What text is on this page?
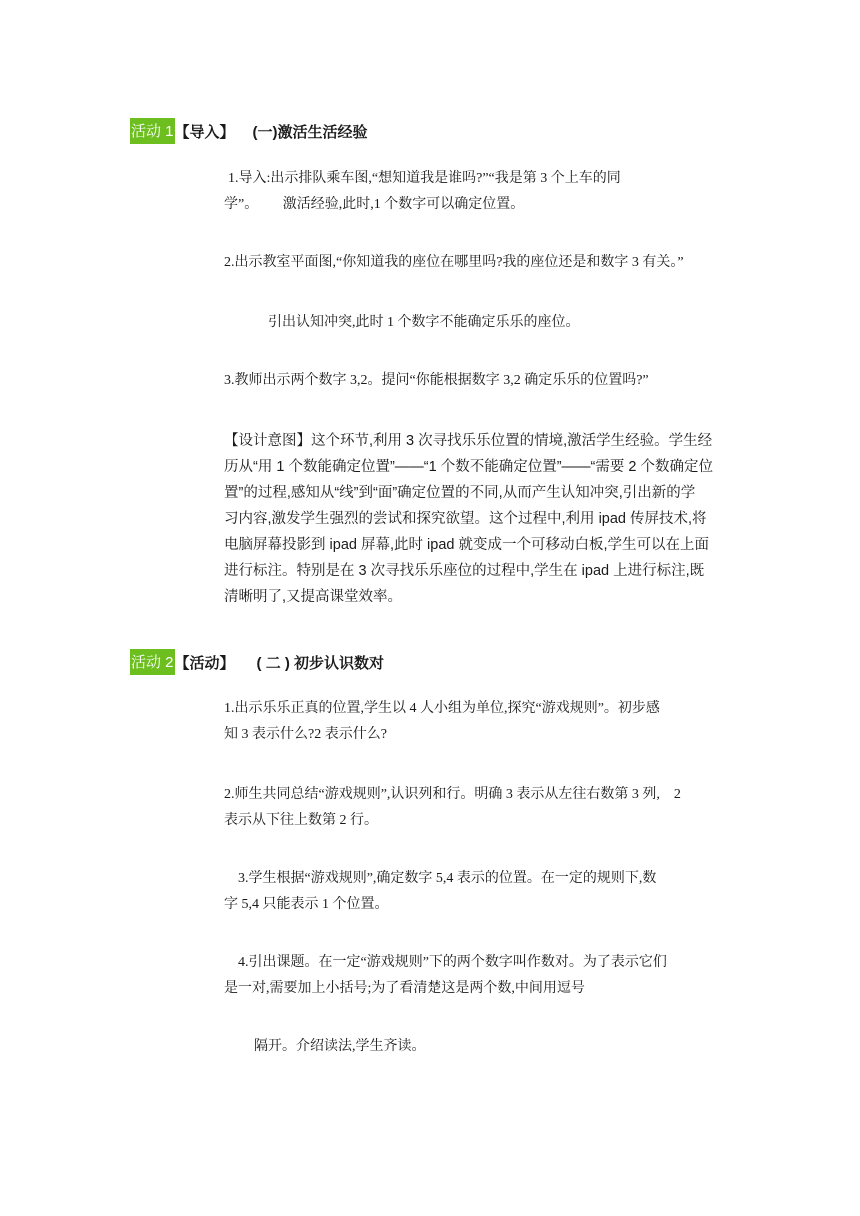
活动 1 【导入】 (一)激活生活经验
1.导入:出示排队乘车图,“想知道我是谁吗?”“我是第 3 个上车的同
学”。       激活经验,此时,1 个数字可以确定位置。
2.出示教室平面图,“你知道我的座位在哪里吗?我的座位还是和数字 3 有关。”
引出认知冲突,此时 1 个数字不能确定乐乐的座位。
3.教师出示两个数字 3,2。提问“你能根据数字 3,2 确定乐乐的位置吗?”
【设计意图】这个环节,利用 3 次寻找乐乐位置的情境,激活学生经验。学生经
历从“用 1 个数能确定位置”——“1 个数不能确定位置”——“需要 2 个数确定位
置”的过程,感知从“线”到“面”确定位置的不同,从而产生认知冲突,引出新的学
习内容,激发学生强烈的尝试和探究欲望。这个过程中,利用 ipad 传屏技术,将
电脑屏幕投影到 ipad 屏幕,此时 ipad 就变成一个可移动白板,学生可以在上面
进行标注。特别是在 3 次寻找乐乐座位的过程中,学生在 ipad 上进行标注,既
清晰明了,又提高课堂效率。
活动 2 【活动】 ( 二 ) 初步认识数对
1.出示乐乐正真的位置,学生以 4 人小组为单位,探究“游戏规则”。初步感
知 3 表示什么?2 表示什么?
2.师生共同总结“游戏规则”,认识列和行。明确 3 表示从左往右数第 3 列,    2
表示从下往上数第 2 行。
3.学生根据“游戏规则”,确定数字 5,4 表示的位置。在一定的规则下,数
字 5,4 只能表示 1 个位置。
4.引出课题。在一定“游戏规则”下的两个数字叫作数对。为了表示它们
是一对,需要加上小括号;为了看清楚这是两个数,中间用逗号
隔开。介绍读法,学生齐读。
